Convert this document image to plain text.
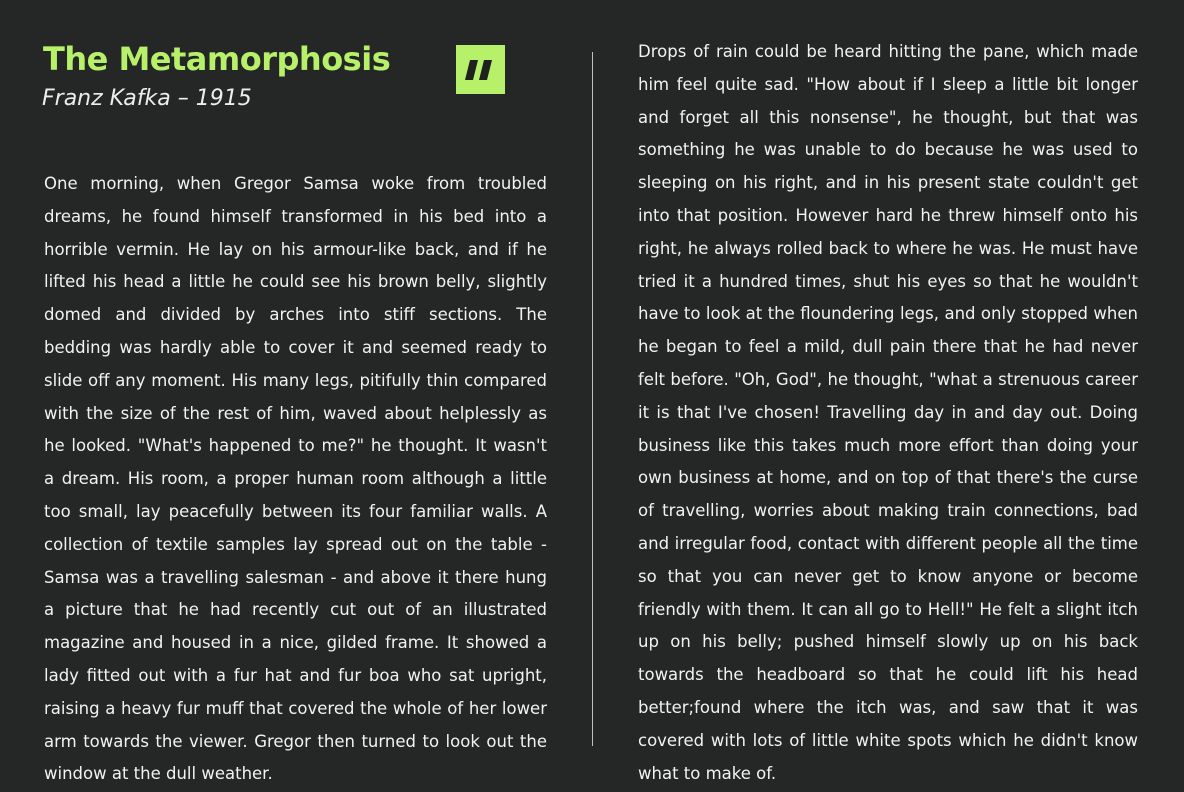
The Metamorphosis
Franz Kafka – 1915

One morning, when Gregor Samsa woke from troubled dreams, he found himself transformed in his bed into a horrible vermin. He lay on his armour-like back, and if he lifted his head a little he could see his brown belly, slightly domed and divided by arches into stiff sections. The bedding was hardly able to cover it and seemed ready to slide off any moment. His many legs, pitifully thin compared with the size of the rest of him, waved about helplessly as he looked. "What's happened to me?" he thought. It wasn't a dream. His room, a proper human room although a little too small, lay peacefully between its four familiar walls. A collection of textile samples lay spread out on the table - Samsa was a travelling salesman - and above it there hung a picture that he had recently cut out of an illustrated magazine and housed in a nice, gilded frame. It showed a lady fitted out with a fur hat and fur boa who sat upright, raising a heavy fur muff that covered the whole of her lower arm towards the viewer. Gregor then turned to look out the window at the dull weather.

Drops of rain could be heard hitting the pane, which made him feel quite sad. "How about if I sleep a little bit longer and forget all this nonsense", he thought, but that was something he was unable to do because he was used to sleeping on his right, and in his present state couldn't get into that position. However hard he threw himself onto his right, he always rolled back to where he was. He must have tried it a hundred times, shut his eyes so that he wouldn't have to look at the floundering legs, and only stopped when he began to feel a mild, dull pain there that he had never felt before. "Oh, God", he thought, "what a strenuous career it is that I've chosen! Travelling day in and day out. Doing business like this takes much more effort than doing your own business at home, and on top of that there's the curse of travelling, worries about making train connections, bad and irregular food, contact with different people all the time so that you can never get to know anyone or become friendly with them. It can all go to Hell!" He felt a slight itch up on his belly; pushed himself slowly up on his back towards the headboard so that he could lift his head better;found where the itch was, and saw that it was covered with lots of little white spots which he didn't know what to make of.
